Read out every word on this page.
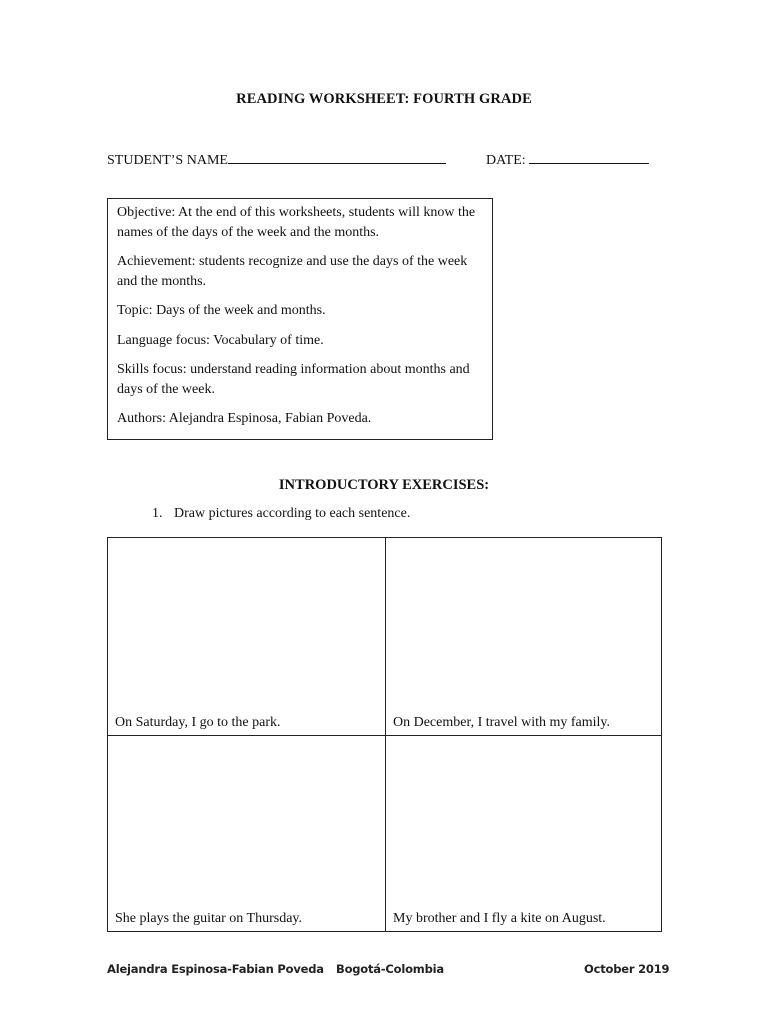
READING WORKSHEET: FOURTH GRADE
STUDENT’S NAME	DATE:

Objective: At the end of this worksheets, students will know the names of the days of the week and the months.

Achievement: students recognize and use the days of the week and the months.

Topic: Days of the week and months.

Language focus: Vocabulary of time.

Skills focus: understand reading information about months and days of the week.

Authors: Alejandra Espinosa, Fabian Poveda.

INTRODUCTORY EXERCISES:
1. Draw pictures according to each sentence.
On Saturday, I go to the park.	On December, I travel with my family.
She plays the guitar on Thursday.	My brother and I fly a kite on August.
Alejandra Espinosa-Fabian Poveda Bogotá-Colombia	October 2019
